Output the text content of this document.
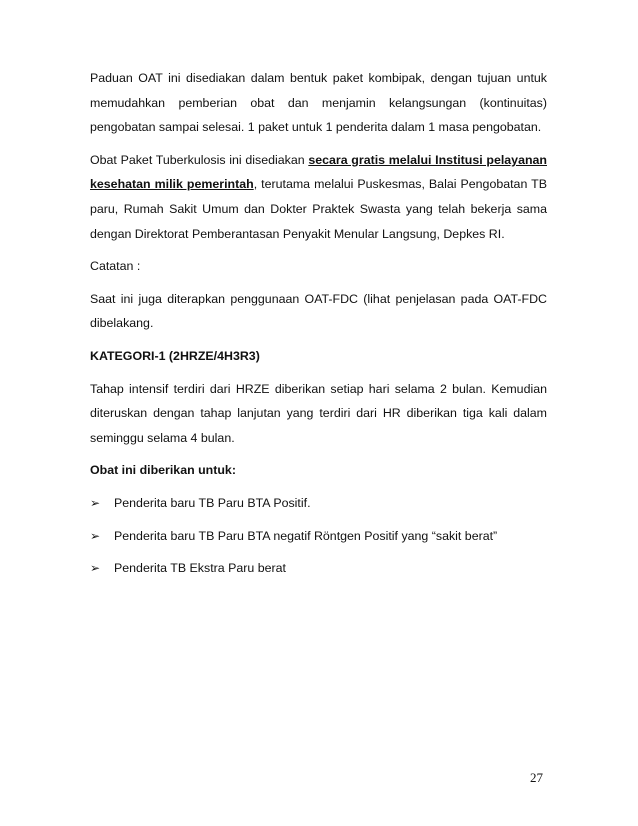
Paduan OAT ini disediakan dalam bentuk paket kombipak, dengan tujuan untuk memudahkan pemberian obat dan menjamin kelangsungan (kontinuitas) pengobatan sampai selesai. 1 paket untuk 1 penderita dalam 1 masa pengobatan.

Obat Paket Tuberkulosis ini disediakan secara gratis melalui Institusi pelayanan kesehatan milik pemerintah, terutama melalui Puskesmas, Balai Pengobatan TB paru, Rumah Sakit Umum dan Dokter Praktek Swasta yang telah bekerja sama dengan Direktorat Pemberantasan Penyakit Menular Langsung, Depkes RI.

Catatan :

Saat ini juga diterapkan penggunaan OAT-FDC (lihat penjelasan pada OAT-FDC dibelakang.

KATEGORI-1 (2HRZE/4H3R3)

Tahap intensif terdiri dari HRZE diberikan setiap hari selama 2 bulan. Kemudian diteruskan dengan tahap lanjutan yang terdiri dari HR diberikan tiga kali dalam seminggu selama 4 bulan.

Obat ini diberikan untuk:

➢	Penderita baru TB Paru BTA Positif.
➢	Penderita baru TB Paru BTA negatif Röntgen Positif yang “sakit berat”
➢	Penderita TB Ekstra Paru berat
27
